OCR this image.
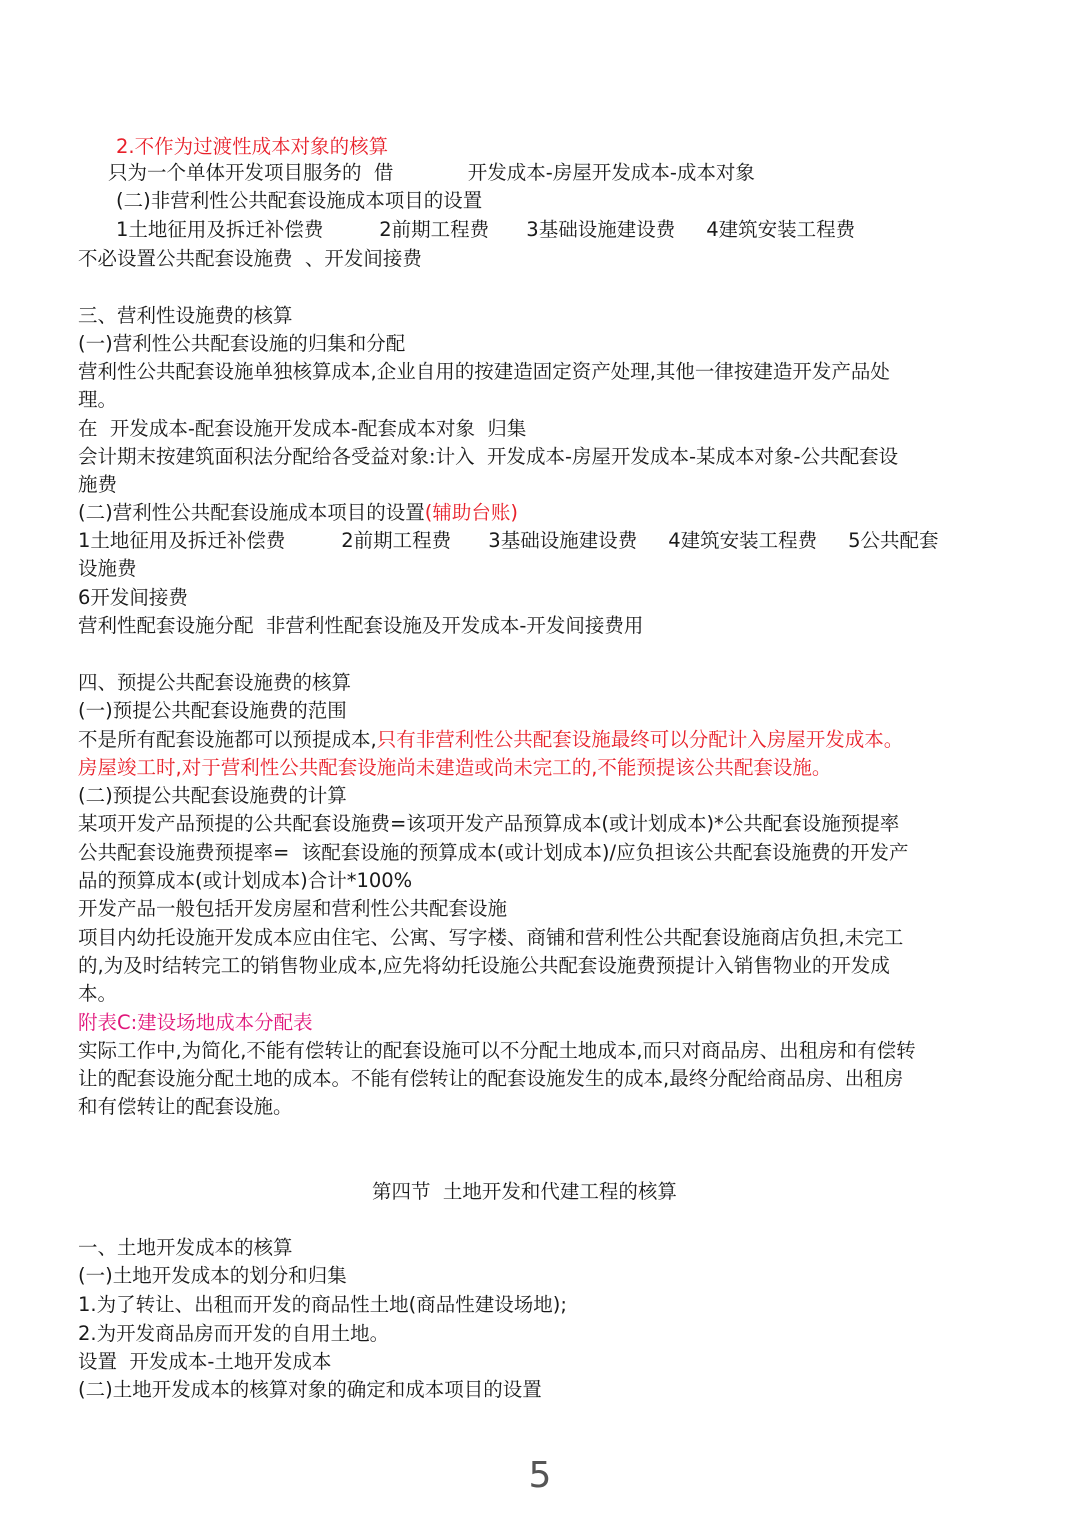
2.不作为过渡性成本对象的核算
只为一个单体开发项目服务的  借            开发成本-房屋开发成本-成本对象
(二)非营利性公共配套设施成本项目的设置
1土地征用及拆迁补偿费         2前期工程费      3基础设施建设费     4建筑安装工程费
不必设置公共配套设施费  、开发间接费
三、营利性设施费的核算
(一)营利性公共配套设施的归集和分配
营利性公共配套设施单独核算成本,企业自用的按建造固定资产处理,其他一律按建造开发产品处
理。
在  开发成本-配套设施开发成本-配套成本对象  归集
会计期末按建筑面积法分配给各受益对象:计入  开发成本-房屋开发成本-某成本对象-公共配套设
施费
(二)营利性公共配套设施成本项目的设置(辅助台账)
1土地征用及拆迁补偿费         2前期工程费      3基础设施建设费     4建筑安装工程费     5公共配套
设施费
6开发间接费
营利性配套设施分配  非营利性配套设施及开发成本-开发间接费用
四、预提公共配套设施费的核算
(一)预提公共配套设施费的范围
不是所有配套设施都可以预提成本,只有非营利性公共配套设施最终可以分配计入房屋开发成本。
房屋竣工时,对于营利性公共配套设施尚未建造或尚未完工的,不能预提该公共配套设施。
(二)预提公共配套设施费的计算
某项开发产品预提的公共配套设施费=该项开发产品预算成本(或计划成本)*公共配套设施预提率
公共配套设施费预提率=  该配套设施的预算成本(或计划成本)/应负担该公共配套设施费的开发产
品的预算成本(或计划成本)合计*100%
开发产品一般包括开发房屋和营利性公共配套设施
项目内幼托设施开发成本应由住宅、公寓、写字楼、商铺和营利性公共配套设施商店负担,未完工
的,为及时结转完工的销售物业成本,应先将幼托设施公共配套设施费预提计入销售物业的开发成
本。
附表C:建设场地成本分配表
实际工作中,为简化,不能有偿转让的配套设施可以不分配土地成本,而只对商品房、出租房和有偿转
让的配套设施分配土地的成本。不能有偿转让的配套设施发生的成本,最终分配给商品房、出租房
和有偿转让的配套设施。
第四节  土地开发和代建工程的核算
一、土地开发成本的核算
(一)土地开发成本的划分和归集
1.为了转让、出租而开发的商品性土地(商品性建设场地);
2.为开发商品房而开发的自用土地。
设置  开发成本-土地开发成本
(二)土地开发成本的核算对象的确定和成本项目的设置
5
